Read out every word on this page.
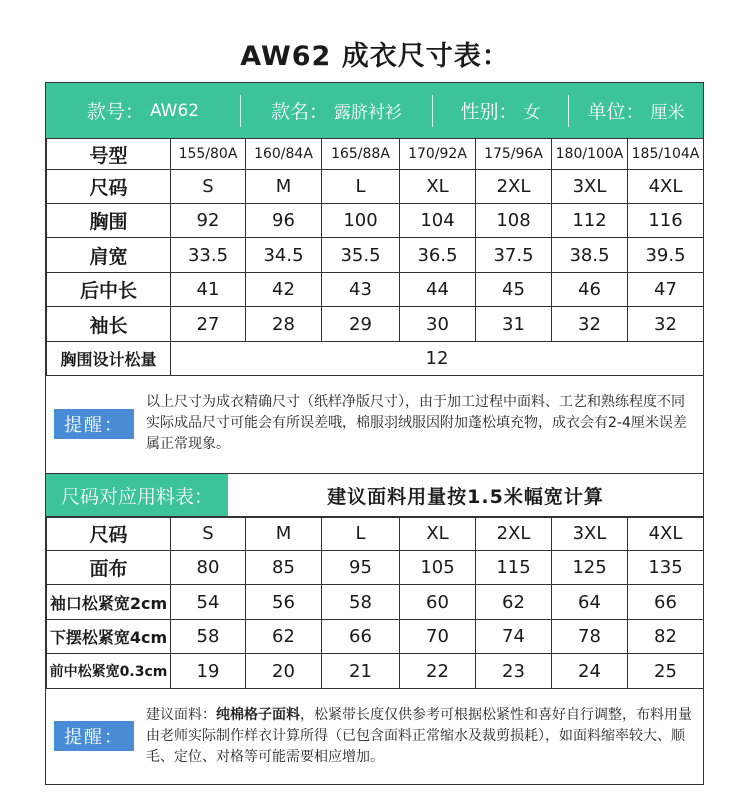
AW62 成衣尺寸表：
款号： AW62	款名： 露脐衬衫	性别： 女 单位： 厘米
号型	155/80A	160/84A	165/88A	170/92A	175/96A	180/100A	185/104A
尺码	S	M	L	XL	2XL	3XL	4XL
胸围	92	96	100	104	108	112	116
肩宽	33.5	34.5	35.5	36.5	37.5	38.5	39.5
后中长	41	42	43	44	45	46	47
袖长	27	28	29	30	31	32	32
胸围设计松量	12						
提醒：
以上尺寸为成衣精确尺寸（纸样净版尺寸），由于加工过程中面料、工艺和熟练程度不同实际成品尺寸可能会有所误差哦，棉服羽绒服因附加蓬松填充物，成衣会有2-4厘米误差属正常现象。
尺码对应用料表：	建议面料用量按1.5米幅宽计算
尺码	S	M	L	XL	2XL	3XL	4XL
面布	80	85	95	105	115	125	135
袖口松紧宽2cm	54	56	58	60	62	64	66
下摆松紧宽4cm	58	62	66	70	74	78	82
前中松紧宽0.3cm	19	20	21	22	23	24	25
提醒：
建议面料：纯棉格子面料，松紧带长度仅供参考可根据松紧性和喜好自行调整，布料用量由老师实际制作样衣计算所得（已包含面料正常缩水及裁剪损耗），如面料缩率较大、顺毛、定位、对格等可能需要相应增加。
